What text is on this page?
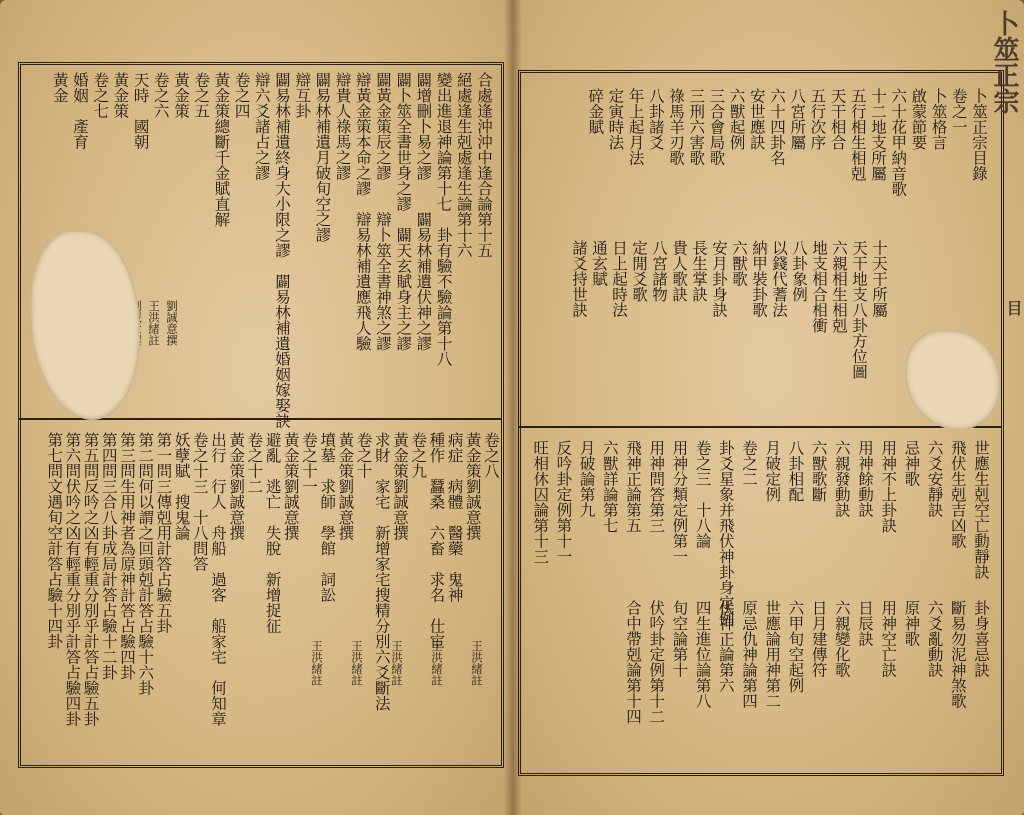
卜筮正宗
目
卜筮正宗目錄
卷之一
卜筮格言
啟蒙節要
六十花甲納音歌
十二地支所屬
五行相生相剋
天干相合
五行次序
八宮所屬
六十四卦名
安世應訣
六獸起例
三合會局歌
三刑六害歌
祿馬羊刃歌
八卦諸爻
年上起月法
定寅時法
碎金賦
十天干所屬
天干地支八卦方位圖
六親相生相剋
地支相合相衝
八卦象例
以錢代蓍法
納甲裝卦歌
六獸歌
安月卦身訣
長生掌訣
貴人歌訣
八宮諸物
定閒爻歌
日上起時法
通玄賦
諸爻持世訣
世應生剋空亡動靜訣
飛伏生剋吉凶歌
六爻安靜訣
忌神歌
用神不上卦訣
用神餘動訣
六親發動訣
六獸歌斷
八卦相配
月破定例
卷之二
卦爻星象并飛伏神卦身定例
卷之三　十八論
用神分類定例第一
用神問答第三
飛神正論第五
六獸詳論第七
月破論第九
反吟卦定例第十一
旺相休囚論第十三
卦身喜忌訣
斷易勿泥神煞歌
六爻亂動訣
原神歌
用神空亡訣
日辰訣
六親變化歌
日月建傳符
六甲旬空起例
世應論用神第二
原忌仇神論第四
伏神正論第六
四生進位論第八
旬空論第十
伏吟卦定例第十二
合中帶剋論第十四
合處逢沖沖中逢合論第十五
絕處逢生剋處逢生論第十六
變出進退神論第十七　卦有驗不驗論第十八
闢增刪卜易之謬　　闢易林補遺伏神之謬
闢卜筮全書世身之謬　闢天玄賦身主之謬
闢黃金策辰之謬　　辯卜筮全書神煞之謬
辯黃金策本命之謬　辯易林補遺應飛人驗
辯貴人祿馬之謬
闢易林補遺月破旬空之謬
辯互卦
闢易林補遺終身大小限之謬　闢易林補遺婚姻嫁娶訣
辯六爻諸占之謬
卷之四
黃金策總斷千金賦直解
卷之五
黃金策
卷之六
天時　國朝
黃金策
卷之七
婚姻　產育
黃金
劉誠意撰
王洪緒註
卷之八
黃金策劉誠意撰
病症　病體　醫藥　鬼神
種作　蠶桑　六畜　求名　仕宦
卷之九
黃金策劉誠意撰
求財　家宅　新增家宅搜精分別六爻斷法
卷之十
黃金策劉誠意撰
墳墓　求師　學館　詞訟
卷之十一
黃金策劉誠意撰
避亂　逃亡　失脫　新增捉征
卷之十二
黃金策劉誠意撰
出行　行人　舟船　過客　船家宅　何知章
卷之十三　十八問答
妖孽賦　搜鬼論
第一問三傳剋用計答占驗五卦
第二問何以謂之回頭剋計答占驗十六卦
第三問生用神者為原神計答占驗四卦
第四問三合八卦成局計答占驗十二卦
第五問反吟之凶有輕重分別乎計答占驗五卦
第六問伏吟之凶有輕重分別乎計答占驗四卦
第七問文遇旬空計答占驗十四卦
王洪緒註
王洪緒註
王洪緒註
王洪緒註
王洪緒註
